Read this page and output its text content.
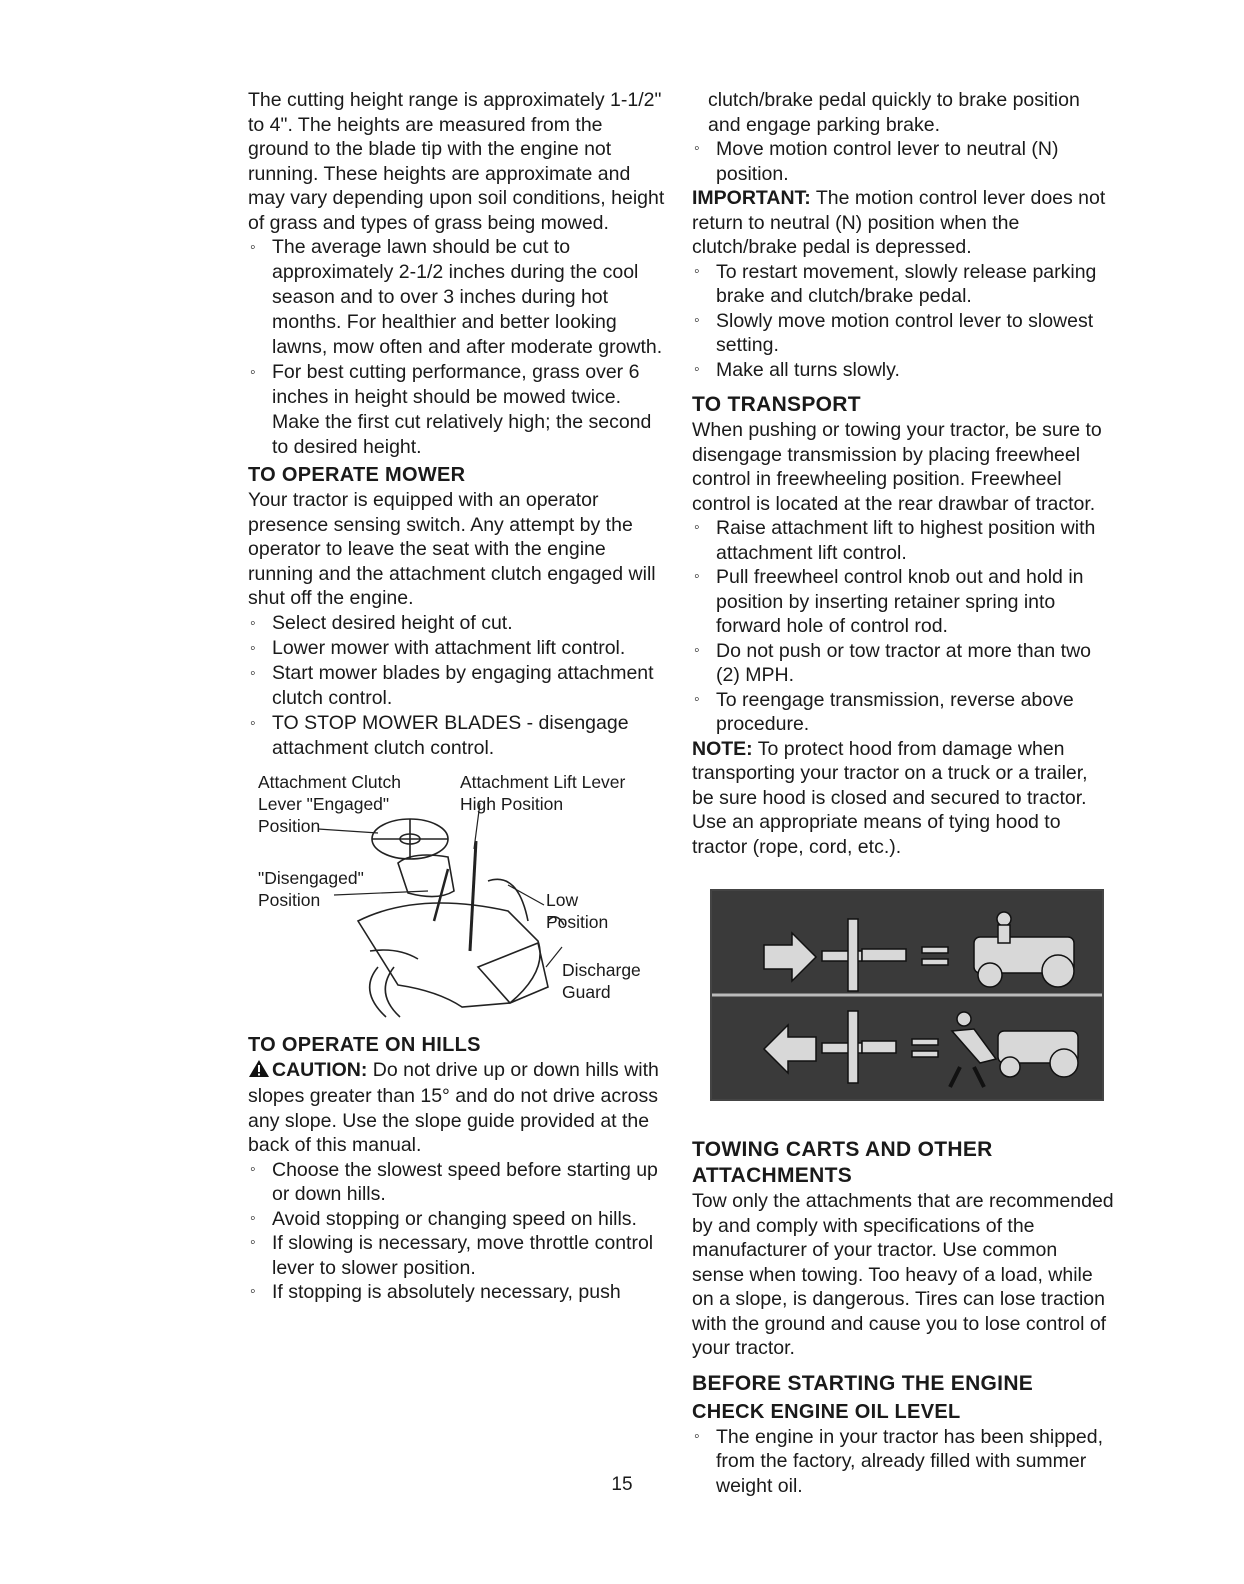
The cutting height range is approximately 1-1/2" to 4". The heights are measured from the ground to the blade tip with the engine not running. These heights are approximate and may vary depending upon soil conditions, height of grass and types of grass being mowed.

◦ The average lawn should be cut to approximately 2-1/2 inches during the cool season and to over 3 inches during hot months. For healthier and better looking lawns, mow often and after moderate growth.
◦ For best cutting performance, grass over 6 inches in height should be mowed twice. Make the first cut relatively high; the second to desired height.
TO OPERATE MOWER

Your tractor is equipped with an operator presence sensing switch. Any attempt by the operator to leave the seat with the engine running and the attachment clutch engaged will shut off the engine.

◦ Select desired height of cut.
◦ Lower mower with attachment lift control.
◦ Start mower blades by engaging attachment clutch control.
◦ TO STOP MOWER BLADES - disengage attachment clutch control.
Attachment Clutch Lever "Engaged" Position
Attachment Lift Lever High Position
"Disengaged" Position	Low Position
Discharge Guard
TO OPERATE ON HILLS

CAUTION: Do not drive up or down hills with slopes greater than 15° and do not drive across any slope. Use the slope guide provided at the back of this manual.

◦ Choose the slowest speed before starting up or down hills.
◦ Avoid stopping or changing speed on hills.
◦ If slowing is necessary, move throttle control lever to slower position.
◦ If stopping is absolutely necessary, push

clutch/brake pedal quickly to brake position and engage parking brake.

◦ Move motion control lever to neutral (N) position.

IMPORTANT: The motion control lever does not return to neutral (N) position when the clutch/brake pedal is depressed.

◦ To restart movement, slowly release parking brake and clutch/brake pedal.
◦ Slowly move motion control lever to slowest setting.
◦ Make all turns slowly.
TO TRANSPORT

When pushing or towing your tractor, be sure to disengage transmission by placing freewheel control in freewheeling position. Freewheel control is located at the rear drawbar of tractor.

◦ Raise attachment lift to highest position with attachment lift control.
◦ Pull freewheel control knob out and hold in position by inserting retainer spring into forward hole of control rod.
◦ Do not push or tow tractor at more than two (2) MPH.
◦ To reengage transmission, reverse above procedure.

NOTE: To protect hood from damage when transporting your tractor on a truck or a trailer, be sure hood is closed and secured to tractor. Use an appropriate means of tying hood to tractor (rope, cord, etc.).

TOWING CARTS AND OTHER ATTACHMENTS

Tow only the attachments that are recommended by and comply with specifications of the manufacturer of your tractor. Use common sense when towing. Too heavy of a load, while on a slope, is dangerous. Tires can lose traction with the ground and cause you to lose control of your tractor.

BEFORE STARTING THE ENGINE
CHECK ENGINE OIL LEVEL
◦ The engine in your tractor has been shipped, from the factory, already filled with summer weight oil.
15
